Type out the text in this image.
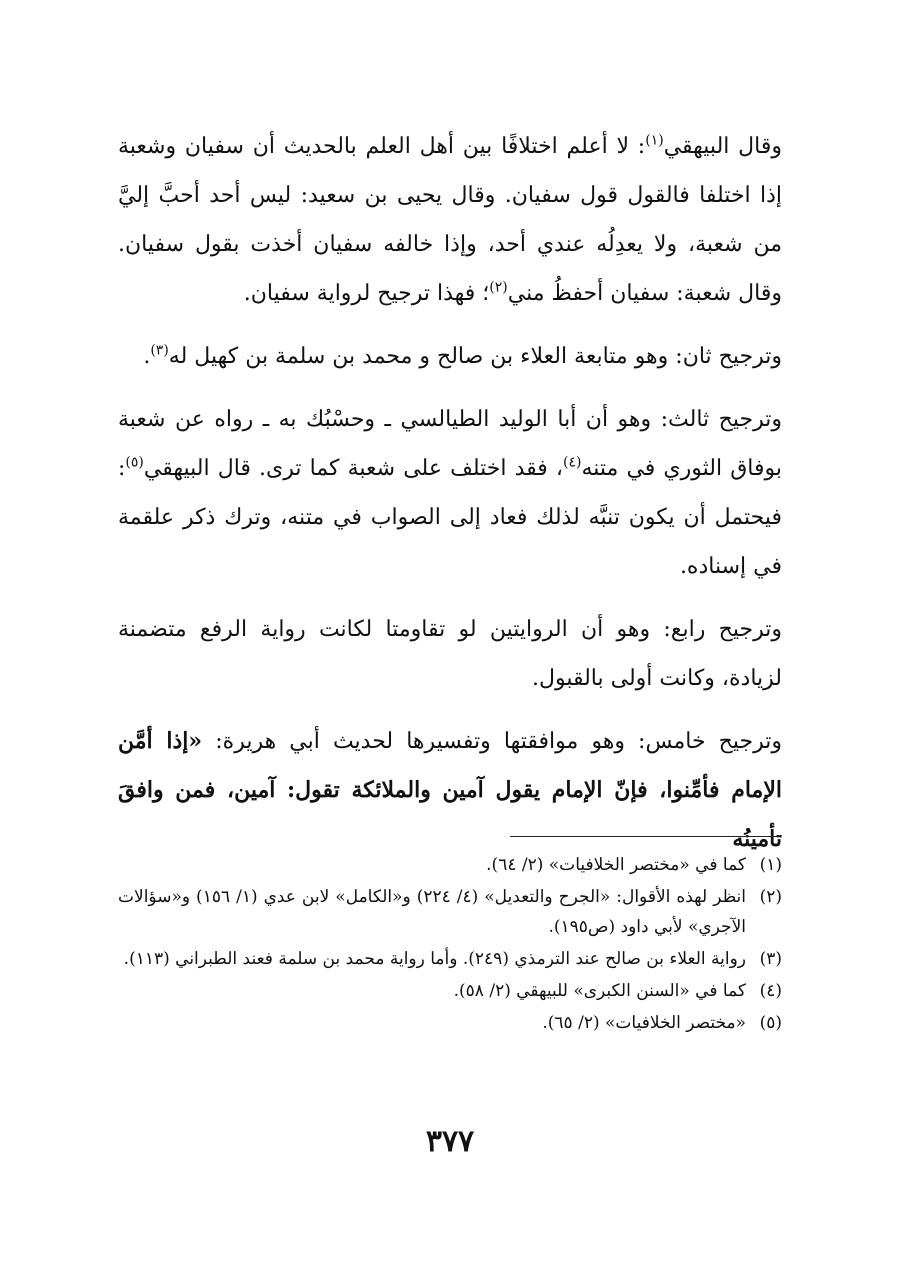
وقال البيهقي$^{(١)}$: لا أعلم اختلافًا بين أهل العلم بالحديث أن سفيان وشعبة إذا اختلفا فالقول قول سفيان. وقال يحيى بن سعيد: ليس أحد أحبَّ إليَّ من شعبة، ولا يعدِلُه عندي أحد، وإذا خالفه سفيان أخذت بقول سفيان. وقال شعبة: سفيان أحفظُ مني$^{(٢)}$؛ فهذا ترجيح لرواية سفيان.

وترجيح ثان: وهو متابعة العلاء بن صالح و محمد بن سلمة بن كهيل له$^{(٣)}$.

وترجيح ثالث: وهو أن أبا الوليد الطيالسي ـ وحسْبُك به ـ رواه عن شعبة بوفاق الثوري في متنه$^{(٤)}$، فقد اختلف على شعبة كما ترى. قال البيهقي$^{(٥)}$: فيحتمل أن يكون تنبَّه لذلك فعاد إلى الصواب في متنه، وترك ذكر علقمة في إسناده.

وترجيح رابع: وهو أن الروايتين لو تقاومتا لكانت رواية الرفع متضمنة لزيادة، وكانت أولى بالقبول.

وترجيح خامس: وهو موافقتها وتفسيرها لحديث أبي هريرة: «إذا أمَّن الإمام فأمِّنوا، فإنّ الإمام يقول آمين والملائكة تقول: آمين، فمن وافقَ تأمينُه

(١)
كما في «مختصر الخلافيات» (٢/ ٦٤).
(٢)
انظر لهذه الأقوال: «الجرح والتعديل» (٤/ ٢٢٤) و«الكامل» لابن عدي (١/ ١٥٦) و«سؤالات الآجري» لأبي داود (ص١٩٥).
(٣)
رواية العلاء بن صالح عند الترمذي (٢٤٩). وأما رواية محمد بن سلمة فعند الطبراني (١١٣).
(٤)
كما في «السنن الكبرى» للبيهقي (٢/ ٥٨).
(٥)
«مختصر الخلافيات» (٢/ ٦٥).
٣٧٧
